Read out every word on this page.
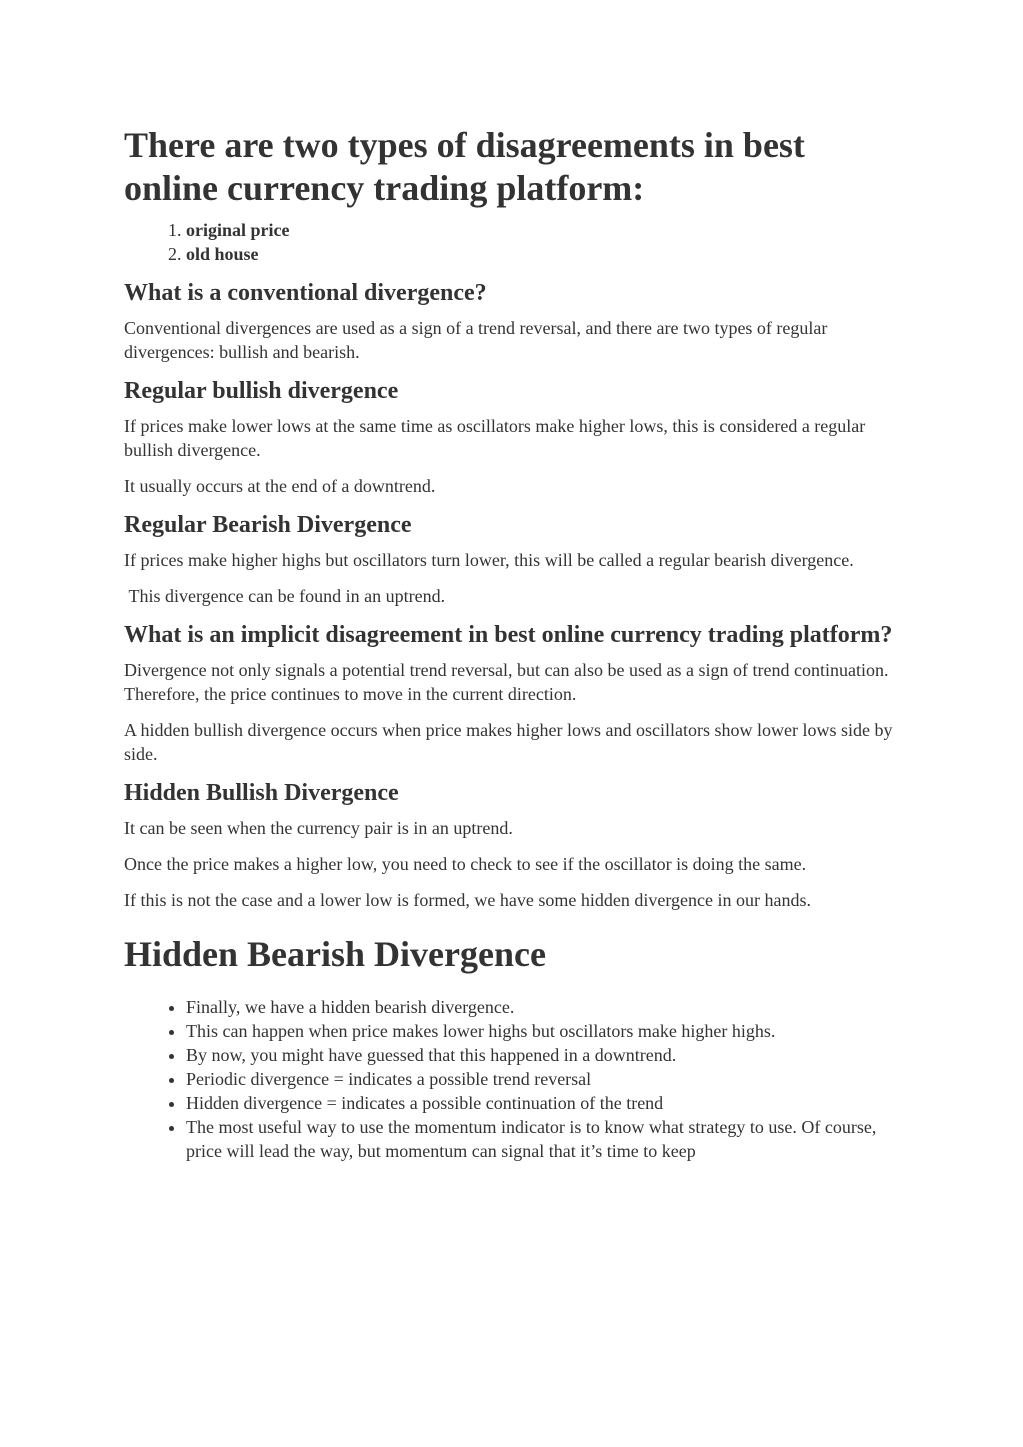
There are two types of disagreements in best online currency trading platform:
1. original price
2. old house
What is a conventional divergence?

Conventional divergences are used as a sign of a trend reversal, and there are two types of regular divergences: bullish and bearish.

Regular bullish divergence

If prices make lower lows at the same time as oscillators make higher lows, this is considered a regular bullish divergence.

It usually occurs at the end of a downtrend.

Regular Bearish Divergence

If prices make higher highs but oscillators turn lower, this will be called a regular bearish divergence.

This divergence can be found in an uptrend.

What is an implicit disagreement in best online currency trading platform?

Divergence not only signals a potential trend reversal, but can also be used as a sign of trend continuation. Therefore, the price continues to move in the current direction.

A hidden bullish divergence occurs when price makes higher lows and oscillators show lower lows side by side.

Hidden Bullish Divergence

It can be seen when the currency pair is in an uptrend.

Once the price makes a higher low, you need to check to see if the oscillator is doing the same.

If this is not the case and a lower low is formed, we have some hidden divergence in our hands.

Hidden Bearish Divergence
• Finally, we have a hidden bearish divergence.
• This can happen when price makes lower highs but oscillators make higher highs.
• By now, you might have guessed that this happened in a downtrend.
• Periodic divergence = indicates a possible trend reversal
• Hidden divergence = indicates a possible continuation of the trend
• The most useful way to use the momentum indicator is to know what strategy to use. Of course, price will lead the way, but momentum can signal that it’s time to keep
